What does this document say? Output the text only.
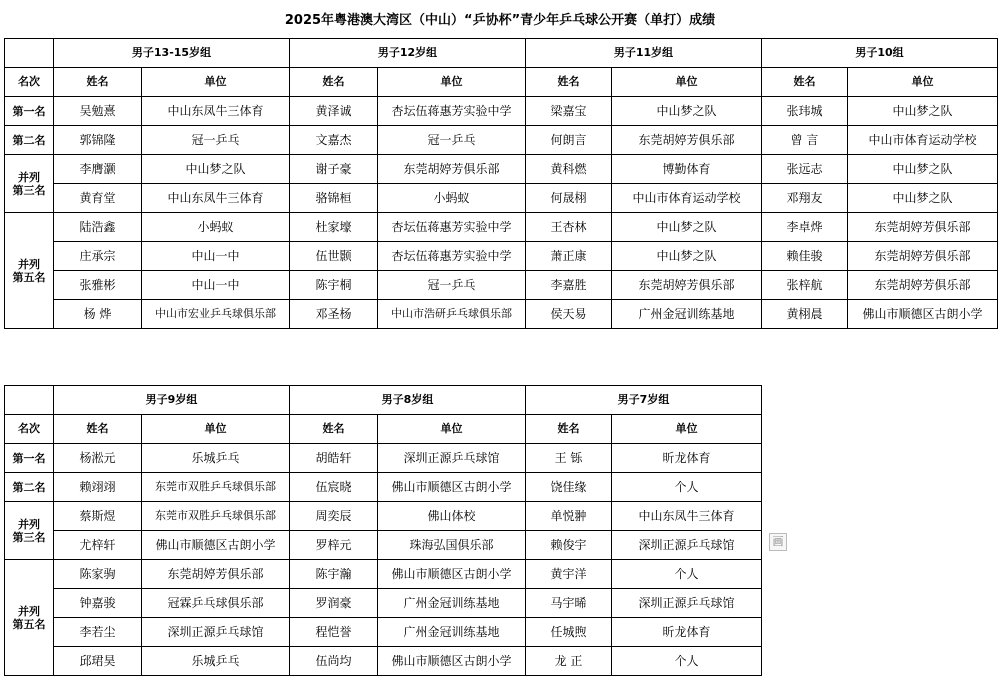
2025年粤港澳大湾区（中山）“乒协杯”青少年乒乓球公开赛（单打）成绩
	男子13-15岁组		男子12岁组		男子11岁组		男子10组	
名次	姓名	单位	姓名	单位	姓名	单位	姓名	单位
第一名	吴勉熹	中山东凤牛三体育	黄泽诚	杏坛伍蒋惠芳实验中学	梁嘉宝	中山梦之队	张玮城	中山梦之队
第二名	郭锦隆	冠一乒乓	文嘉杰	冠一乒乓	何朗言	东莞胡婷芳俱乐部	曾 言	中山市体育运动学校
并列
第三名	李膺灏	中山梦之队	谢子豪	东莞胡婷芳俱乐部	黄科燃	博勤体育	张远志	中山梦之队
	黄育堂	中山东凤牛三体育	骆锦桓	小蚂蚁	何晟栩	中山市体育运动学校	邓翔友	中山梦之队
并列
第五名	陆浩鑫	小蚂蚁	杜家壕	杏坛伍蒋惠芳实验中学	王杏林	中山梦之队	李卓烨	东莞胡婷芳俱乐部
	庄承宗	中山一中	伍世颢	杏坛伍蒋惠芳实验中学	萧正康	中山梦之队	赖佳骏	东莞胡婷芳俱乐部
	张雅彬	中山一中	陈宇桐	冠一乒乓	李嘉胜	东莞胡婷芳俱乐部	张梓航	东莞胡婷芳俱乐部
	杨 烨	中山市宏业乒乓球俱乐部	邓圣杨	中山市浩研乒乓球俱乐部	侯天易	广州金冠训练基地	黄栩晨	佛山市顺德区古朗小学
	男子9岁组		男子8岁组		男子7岁组	
名次	姓名	单位	姓名	单位	姓名	单位
第一名	杨淞元	乐城乒乓	胡皓轩	深圳正源乒乓球馆	王 铄	昕龙体育
第二名	赖翊翊	东莞市双胜乒乓球俱乐部	伍宸晓	佛山市顺德区古朗小学	饶佳缘	个人
并列
第三名	蔡斯煜	东莞市双胜乒乓球俱乐部	周奕辰	佛山体校	单悦翀	中山东凤牛三体育
	尤梓轩	佛山市顺德区古朗小学	罗梓元	珠海弘国俱乐部	赖俊宇	深圳正源乒乓球馆
并列
第五名	陈家驹	东莞胡婷芳俱乐部	陈宇瀚	佛山市顺德区古朗小学	黄宇洋	个人
	钟嘉骏	冠霖乒乓球俱乐部	罗润豪	广州金冠训练基地	马宇晞	深圳正源乒乓球馆
	李若尘	深圳正源乒乓球馆	程恺誉	广州金冠训练基地	任城煦	昕龙体育
	邱珺昊	乐城乒乓	伍尚均	佛山市顺德区古朗小学	龙 正	个人
画
